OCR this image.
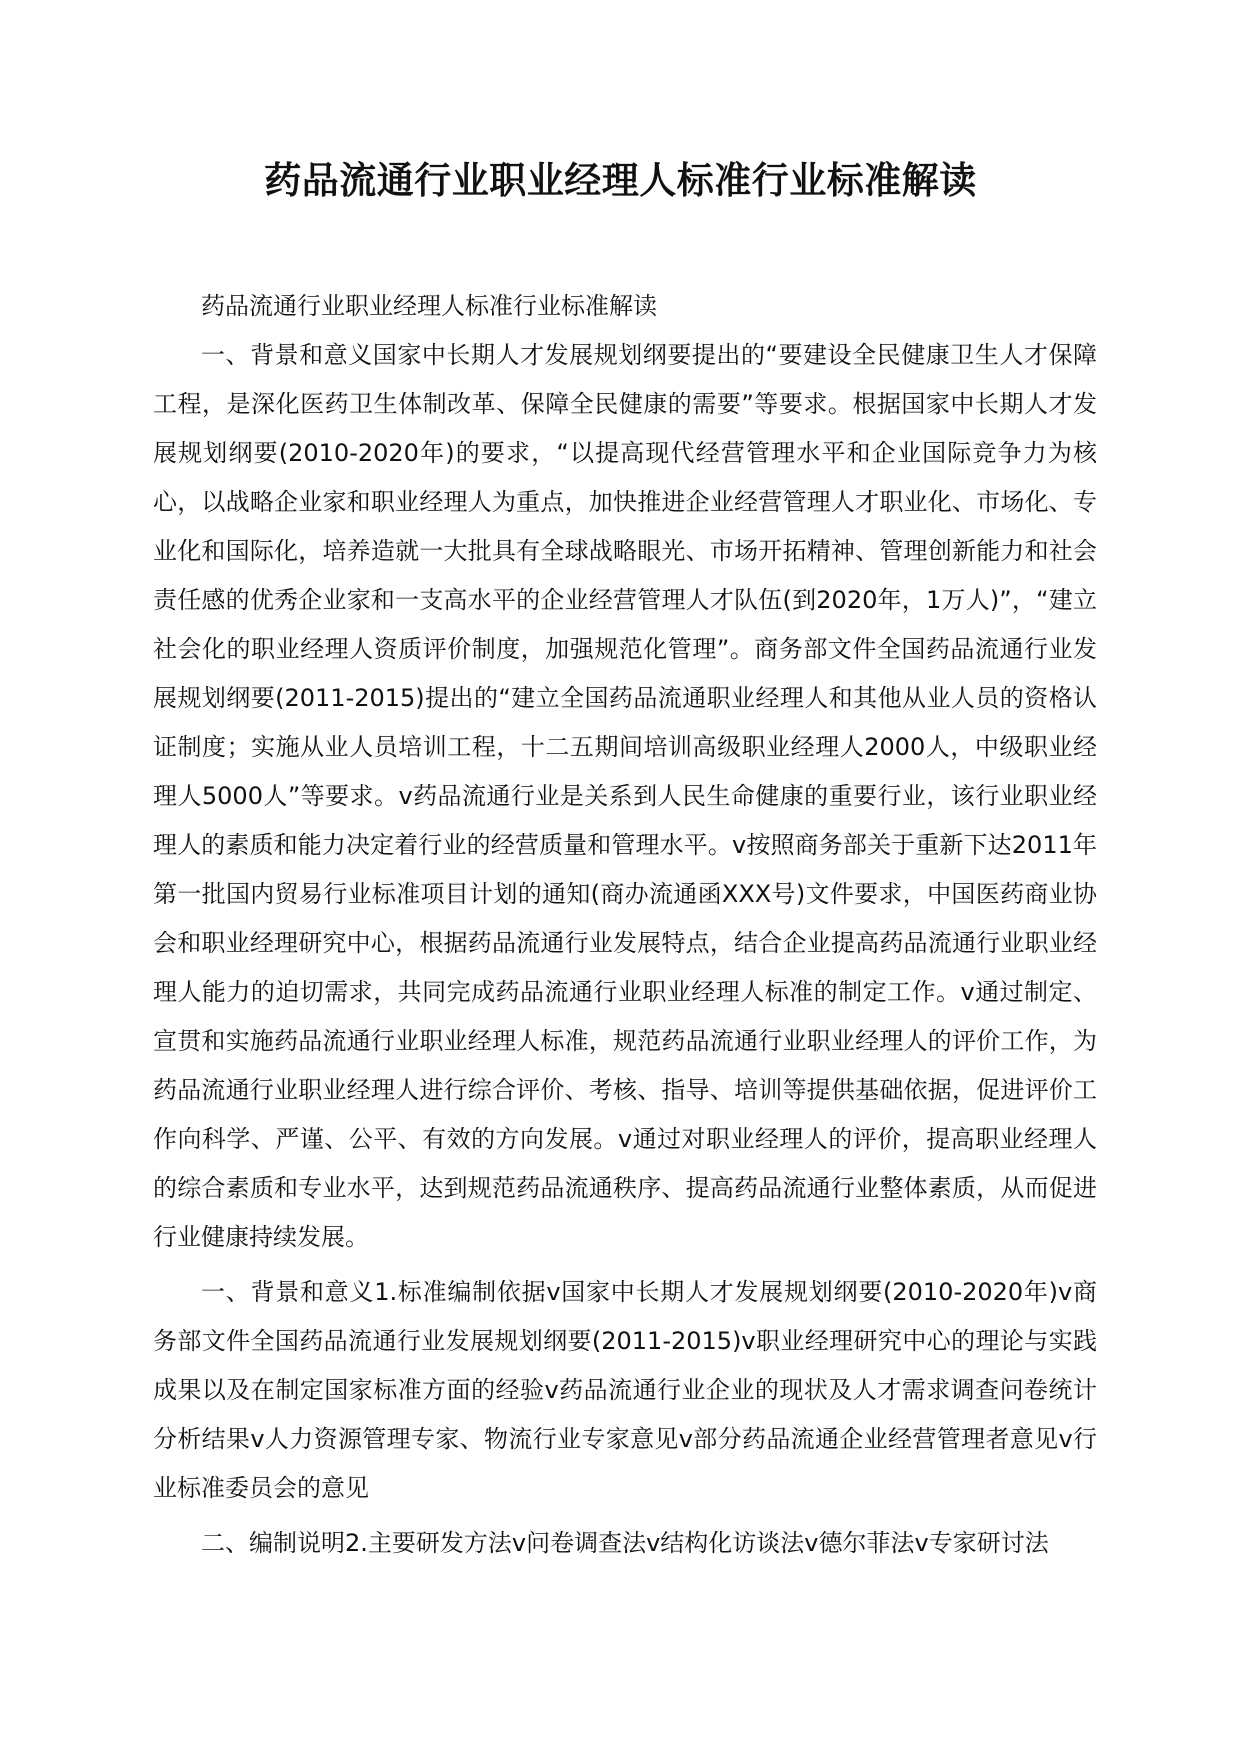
药品流通行业职业经理人标准行业标准解读

药品流通行业职业经理人标准行业标准解读

一、背景和意义国家中长期人才发展规划纲要提出的“要建设全民健康卫生人才保障工程，是深化医药卫生体制改革、保障全民健康的需要”等要求。根据国家中长期人才发展规划纲要(2010-2020年)的要求，“以提高现代经营管理水平和企业国际竞争力为核心，以战略企业家和职业经理人为重点，加快推进企业经营管理人才职业化、市场化、专业化和国际化，培养造就一大批具有全球战略眼光、市场开拓精神、管理创新能力和社会责任感的优秀企业家和一支高水平的企业经营管理人才队伍(到2020年，1万人)”，“建立社会化的职业经理人资质评价制度，加强规范化管理”。商务部文件全国药品流通行业发展规划纲要(2011-2015)提出的“建立全国药品流通职业经理人和其他从业人员的资格认证制度；实施从业人员培训工程，十二五期间培训高级职业经理人2000人，中级职业经理人5000人”等要求。v药品流通行业是关系到人民生命健康的重要行业，该行业职业经理人的素质和能力决定着行业的经营质量和管理水平。v按照商务部关于重新下达2011年第一批国内贸易行业标准项目计划的通知(商办流通函XXX号)文件要求，中国医药商业协会和职业经理研究中心，根据药品流通行业发展特点，结合企业提高药品流通行业职业经理人能力的迫切需求，共同完成药品流通行业职业经理人标准的制定工作。v通过制定、宣贯和实施药品流通行业职业经理人标准，规范药品流通行业职业经理人的评价工作，为药品流通行业职业经理人进行综合评价、考核、指导、培训等提供基础依据，促进评价工作向科学、严谨、公平、有效的方向发展。v通过对职业经理人的评价，提高职业经理人的综合素质和专业水平，达到规范药品流通秩序、提高药品流通行业整体素质，从而促进行业健康持续发展。

一、背景和意义1.标准编制依据v国家中长期人才发展规划纲要(2010-2020年)v商务部文件全国药品流通行业发展规划纲要(2011-2015)v职业经理研究中心的理论与实践成果以及在制定国家标准方面的经验v药品流通行业企业的现状及人才需求调查问卷统计分析结果v人力资源管理专家、物流行业专家意见v部分药品流通企业经营管理者意见v行业标准委员会的意见

二、编制说明2.主要研发方法v问卷调查法v结构化访谈法v德尔菲法v专家研讨法
